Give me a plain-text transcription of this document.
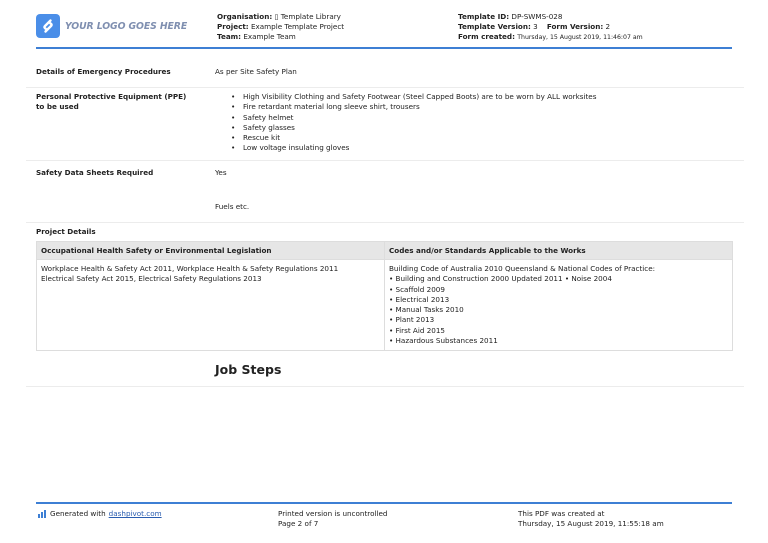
YOUR LOGO GOES HERE
Organisation: ▯ Template Library
Project: Example Template Project
Team: Example Team
Template ID: DP-SWMS-028
Template Version: 3 Form Version: 2
Form created: Thursday, 15 August 2019, 11:46:07 am
Details of Emergency Procedures	As per Site Safety Plan
Personal Protective Equipment (PPE)
to be used
• High Visibility Clothing and Safety Footwear (Steel Capped Boots) are to be worn by ALL worksites
• Fire retardant material long sleeve shirt, trousers
• Safety helmet
• Safety glasses
• Rescue kit
• Low voltage insulating gloves
Safety Data Sheets Required	Yes
Fuels etc.
Project Details
Occupational Health Safety or Environmental Legislation	Codes and/or Standards Applicable to the Works

Workplace Health & Safety Act 2011, Workplace Health & Safety Regulations 2011
Electrical Safety Act 2015, Electrical Safety Regulations 2013

Building Code of Australia 2010 Queensland & National Codes of Practice:
• Building and Construction 2000 Updated 2011 • Noise 2004
• Scaffold 2009
• Electrical 2013
• Manual Tasks 2010
• Plant 2013
• First Aid 2015
• Hazardous Substances 2011
Job Steps
Generated with dashpivot.com	Printed version is uncontrolled
Page 2 of 7
This PDF was created at
Thursday, 15 August 2019, 11:55:18 am
